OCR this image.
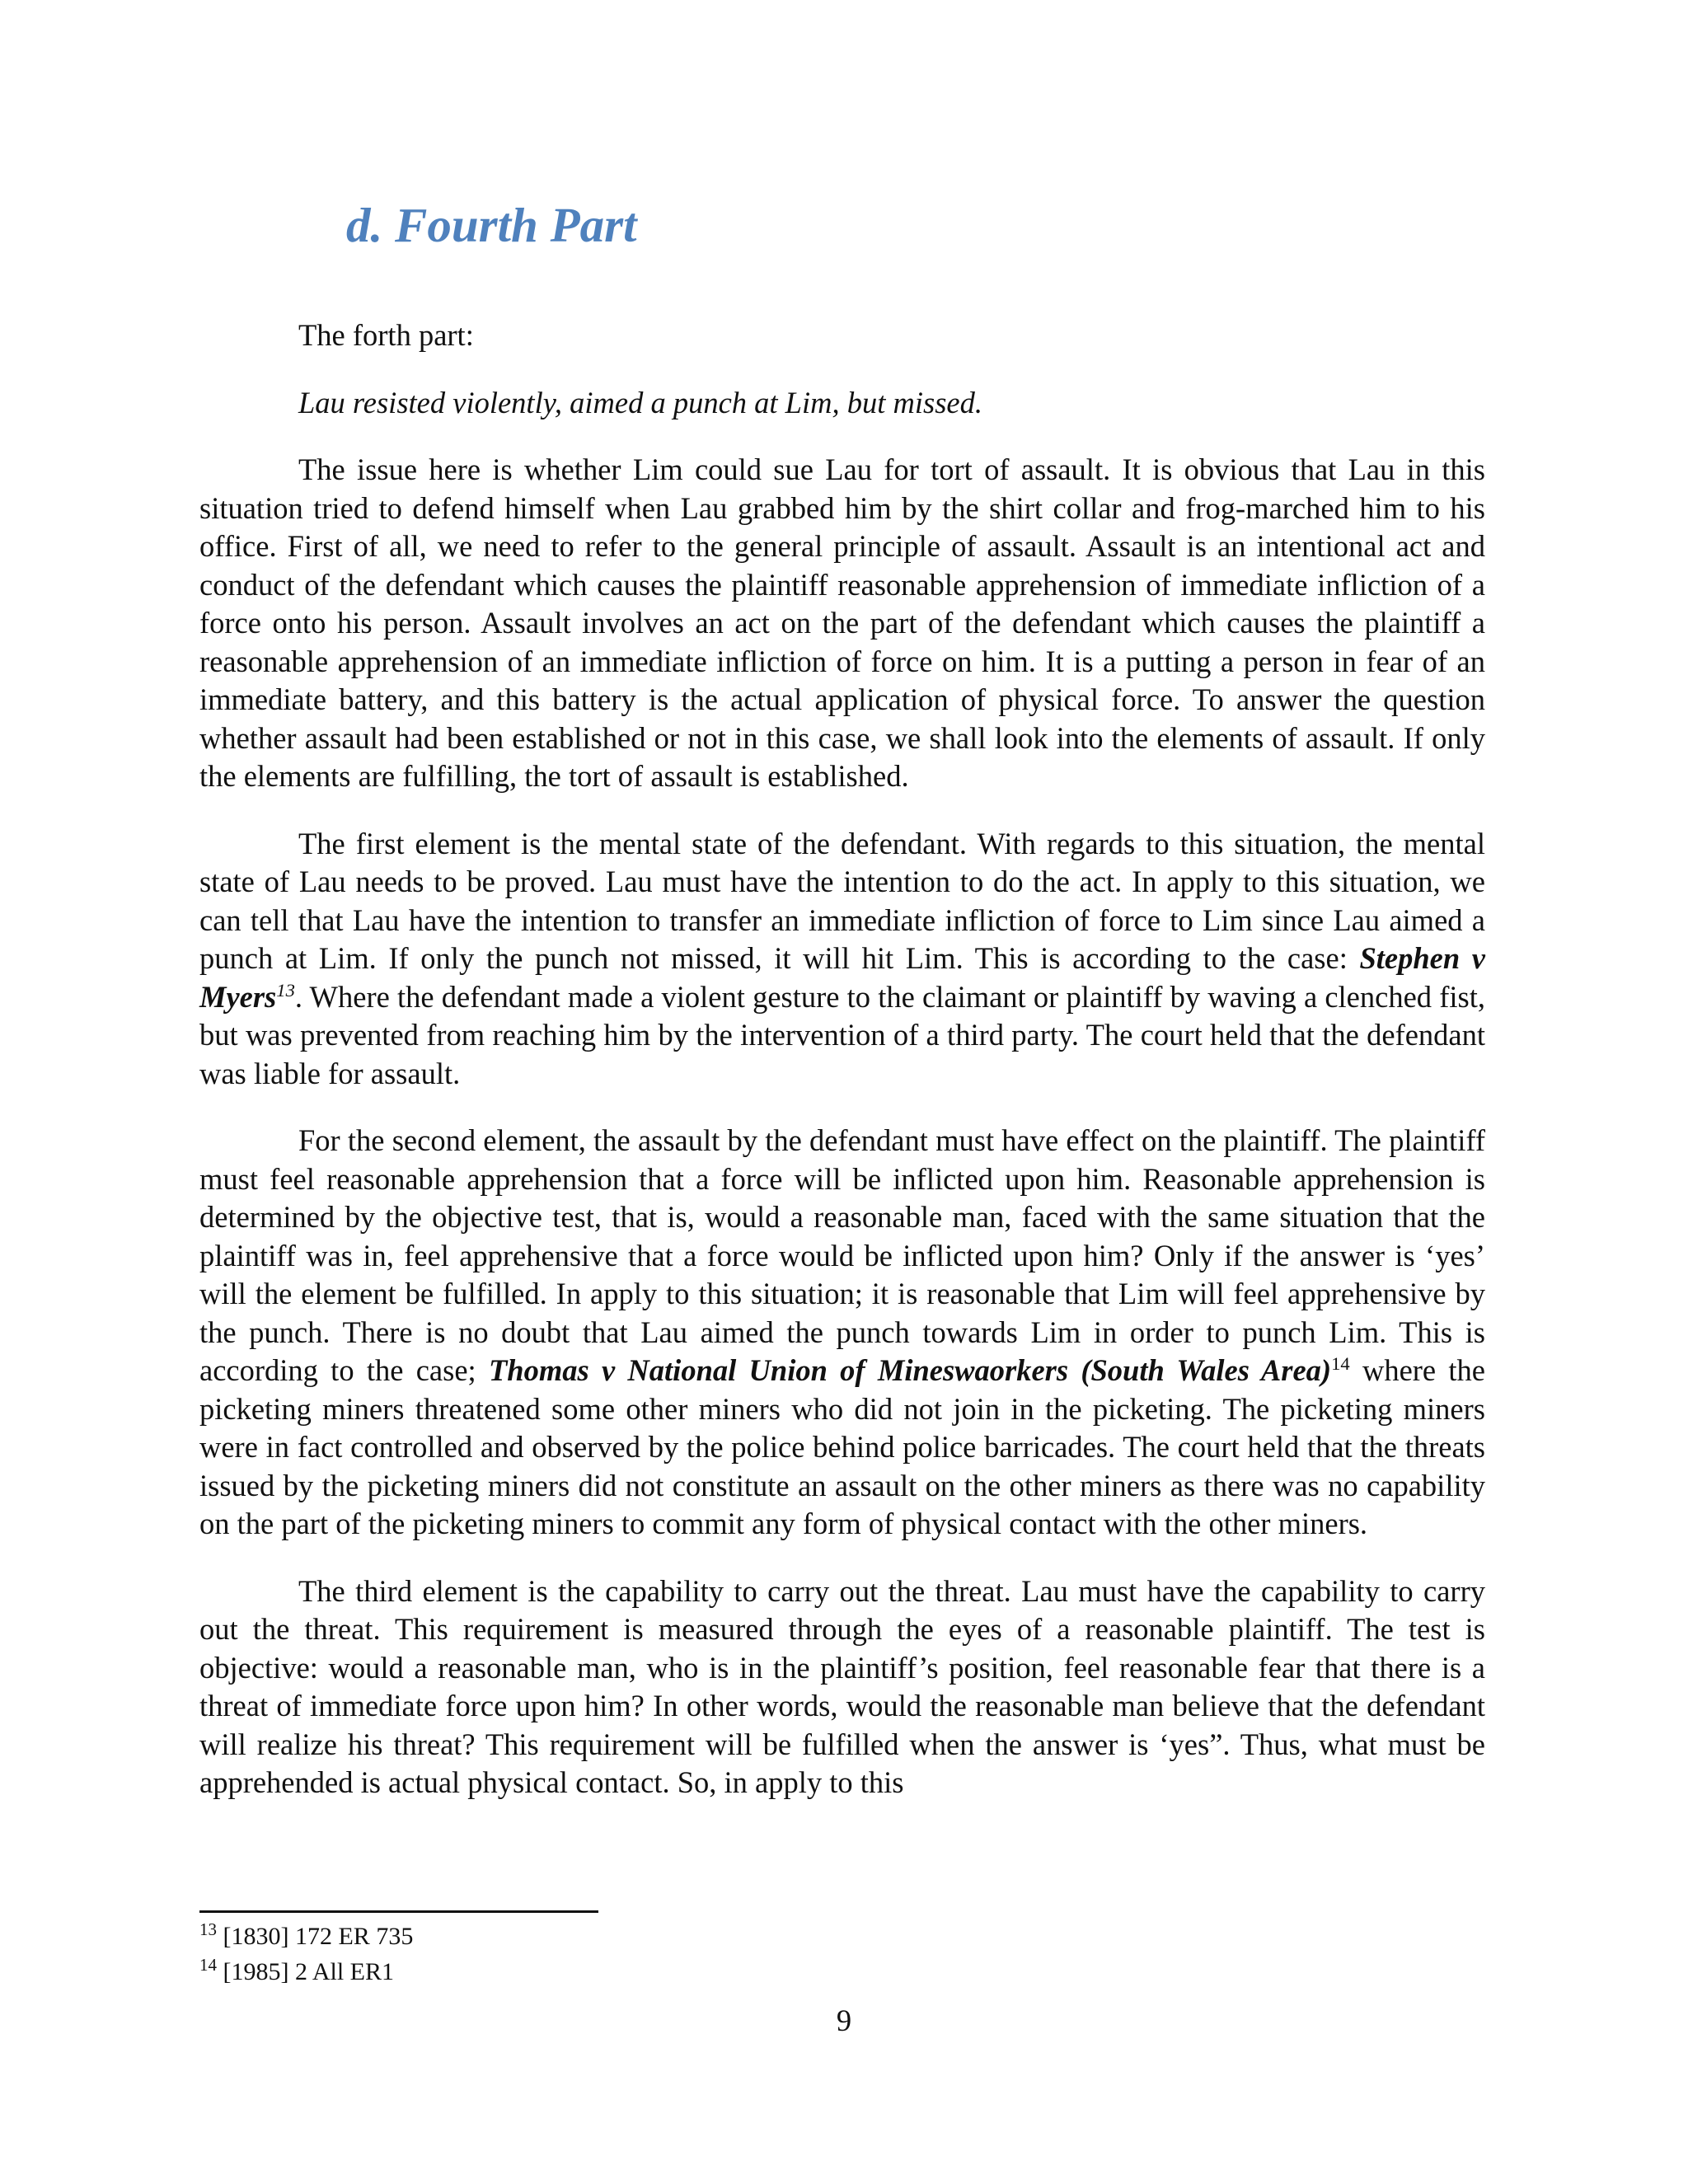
d. Fourth Part

The forth part:

Lau resisted violently, aimed a punch at Lim, but missed.

The issue here is whether Lim could sue Lau for tort of assault. It is obvious that Lau in this situation tried to defend himself when Lau grabbed him by the shirt collar and frog-marched him to his office. First of all, we need to refer to the general principle of assault. Assault is an intentional act and conduct of the defendant which causes the plaintiff reasonable apprehension of immediate infliction of a force onto his person. Assault involves an act on the part of the defendant which causes the plaintiff a reasonable apprehension of an immediate infliction of force on him. It is a putting a person in fear of an immediate battery, and this battery is the actual application of physical force. To answer the question whether assault had been established or not in this case, we shall look into the elements of assault. If only the elements are fulfilling, the tort of assault is established.

The first element is the mental state of the defendant. With regards to this situation, the mental state of Lau needs to be proved. Lau must have the intention to do the act. In apply to this situation, we can tell that Lau have the intention to transfer an immediate infliction of force to Lim since Lau aimed a punch at Lim. If only the punch not missed, it will hit Lim. This is according to the case: Stephen v Myers$^{13}$. Where the defendant made a violent gesture to the claimant or plaintiff by waving a clenched fist, but was prevented from reaching him by the intervention of a third party. The court held that the defendant was liable for assault.

For the second element, the assault by the defendant must have effect on the plaintiff. The plaintiff must feel reasonable apprehension that a force will be inflicted upon him. Reasonable apprehension is determined by the objective test, that is, would a reasonable man, faced with the same situation that the plaintiff was in, feel apprehensive that a force would be inflicted upon him? Only if the answer is ‘yes’ will the element be fulfilled. In apply to this situation; it is reasonable that Lim will feel apprehensive by the punch. There is no doubt that Lau aimed the punch towards Lim in order to punch Lim. This is according to the case; Thomas v National Union of Mineswaorkers (South Wales Area)$^{14}$ where the picketing miners threatened some other miners who did not join in the picketing. The picketing miners were in fact controlled and observed by the police behind police barricades. The court held that the threats issued by the picketing miners did not constitute an assault on the other miners as there was no capability on the part of the picketing miners to commit any form of physical contact with the other miners.

The third element is the capability to carry out the threat. Lau must have the capability to carry out the threat. This requirement is measured through the eyes of a reasonable plaintiff. The test is objective: would a reasonable man, who is in the plaintiff’s position, feel reasonable fear that there is a threat of immediate force upon him? In other words, would the reasonable man believe that the defendant will realize his threat? This requirement will be fulfilled when the answer is ‘yes”. Thus, what must be apprehended is actual physical contact. So, in apply to this

$^{13}$ [1830] 172 ER 735
$^{14}$ [1985] 2 All ER1
9
